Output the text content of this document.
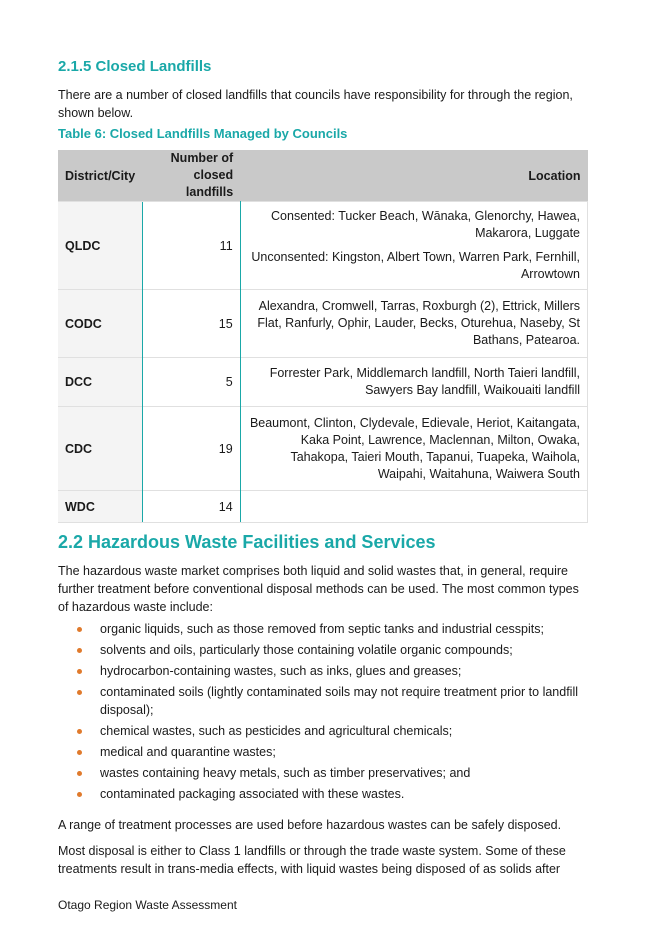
2.1.5 Closed Landfills
There are a number of closed landfills that councils have responsibility for through the region, shown below.
Table 6: Closed Landfills Managed by Councils
District/City	Number of closed landfills	Location
QLDC	11	Consented: Tucker Beach, Wānaka, Glenorchy, Hawea, Makarora, Luggate

Unconsented: Kingston, Albert Town, Warren Park, Fernhill, Arrowtown

CODC	15	Alexandra, Cromwell, Tarras, Roxburgh (2), Ettrick, Millers Flat, Ranfurly, Ophir, Lauder, Becks, Oturehua, Naseby, St Bathans, Patearoa.
DCC	5	Forrester Park, Middlemarch landfill, North Taieri landfill, Sawyers Bay landfill, Waikouaiti landfill
CDC	19	Beaumont, Clinton, Clydevale, Edievale, Heriot, Kaitangata, Kaka Point, Lawrence, Maclennan, Milton, Owaka, Tahakopa, Taieri Mouth, Tapanui, Tuapeka, Waihola, Waipahi, Waitahuna, Waiwera South
WDC	14	
2.2 Hazardous Waste Facilities and Services
The hazardous waste market comprises both liquid and solid wastes that, in general, require further treatment before conventional disposal methods can be used. The most common types of hazardous waste include:
organic liquids, such as those removed from septic tanks and industrial cesspits;
solvents and oils, particularly those containing volatile organic compounds;
hydrocarbon-containing wastes, such as inks, glues and greases;
contaminated soils (lightly contaminated soils may not require treatment prior to landfill disposal);
chemical wastes, such as pesticides and agricultural chemicals;
medical and quarantine wastes;
wastes containing heavy metals, such as timber preservatives; and
contaminated packaging associated with these wastes.
A range of treatment processes are used before hazardous wastes can be safely disposed.
Most disposal is either to Class 1 landfills or through the trade waste system. Some of these treatments result in trans-media effects, with liquid wastes being disposed of as solids after
Otago Region Waste Assessment
